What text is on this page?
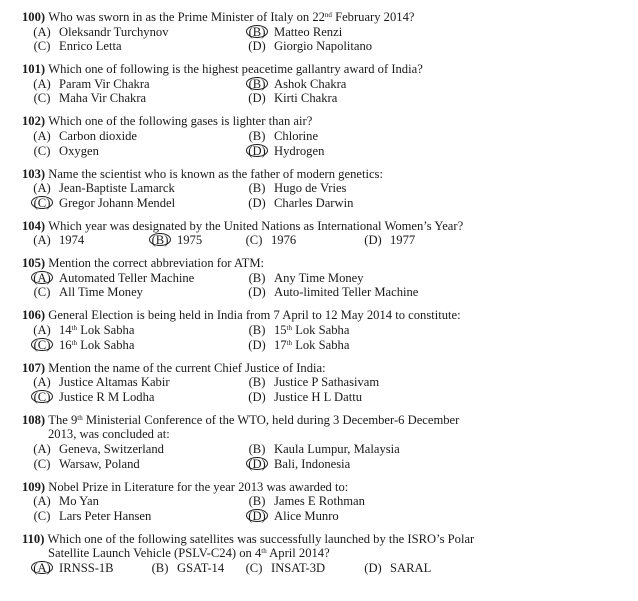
100)
Who was sworn in as the Prime Minister of Italy on 22nd February 2014?
(A) Oleksandr Turchynov	(B) Matteo Renzi
(C) Enrico Letta	(D) Giorgio Napolitano
101)
Which one of following is the highest peacetime gallantry award of India?
(A) Param Vir Chakra	(B) Ashok Chakra
(C) Maha Vir Chakra	(D) Kirti Chakra
102)
Which one of the following gases is lighter than air?
(A) Carbon dioxide	(B) Chlorine
(C) Oxygen	(D) Hydrogen
103)
Name the scientist who is known as the father of modern genetics:
(A) Jean-Baptiste Lamarck	(B) Hugo de Vries
(C) Gregor Johann Mendel	(D) Charles Darwin
104)
Which year was designated by the United Nations as International Women’s Year?
(A) 1974	(B) 1975	(C) 1976	(D) 1977
105)
Mention the correct abbreviation for ATM:
(A) Automated Teller Machine	(B) Any Time Money
(C) All Time Money	(D) Auto-limited Teller Machine
106)
General Election is being held in India from 7 April to 12 May 2014 to constitute:
(A) 14th Lok Sabha	(B) 15th Lok Sabha
(C) 16th Lok Sabha	(D) 17th Lok Sabha
107)
Mention the name of the current Chief Justice of India:
(A) Justice Altamas Kabir	(B) Justice P Sathasivam
(C) Justice R M Lodha	(D) Justice H L Dattu
108)
The 9th Ministerial Conference of the WTO, held during 3 December-6 December
2013, was concluded at:
(A) Geneva, Switzerland	(B) Kaula Lumpur, Malaysia
(C) Warsaw, Poland	(D) Bali, Indonesia
109)
Nobel Prize in Literature for the year 2013 was awarded to:
(A) Mo Yan	(B) James E Rothman
(C) Lars Peter Hansen	(D) Alice Munro
110)
Which one of the following satellites was successfully launched by the ISRO’s Polar
Satellite Launch Vehicle (PSLV-C24) on 4th April 2014?
(A) IRNSS-1B	(B) GSAT-14 (C) INSAT-3D	(D) SARAL
